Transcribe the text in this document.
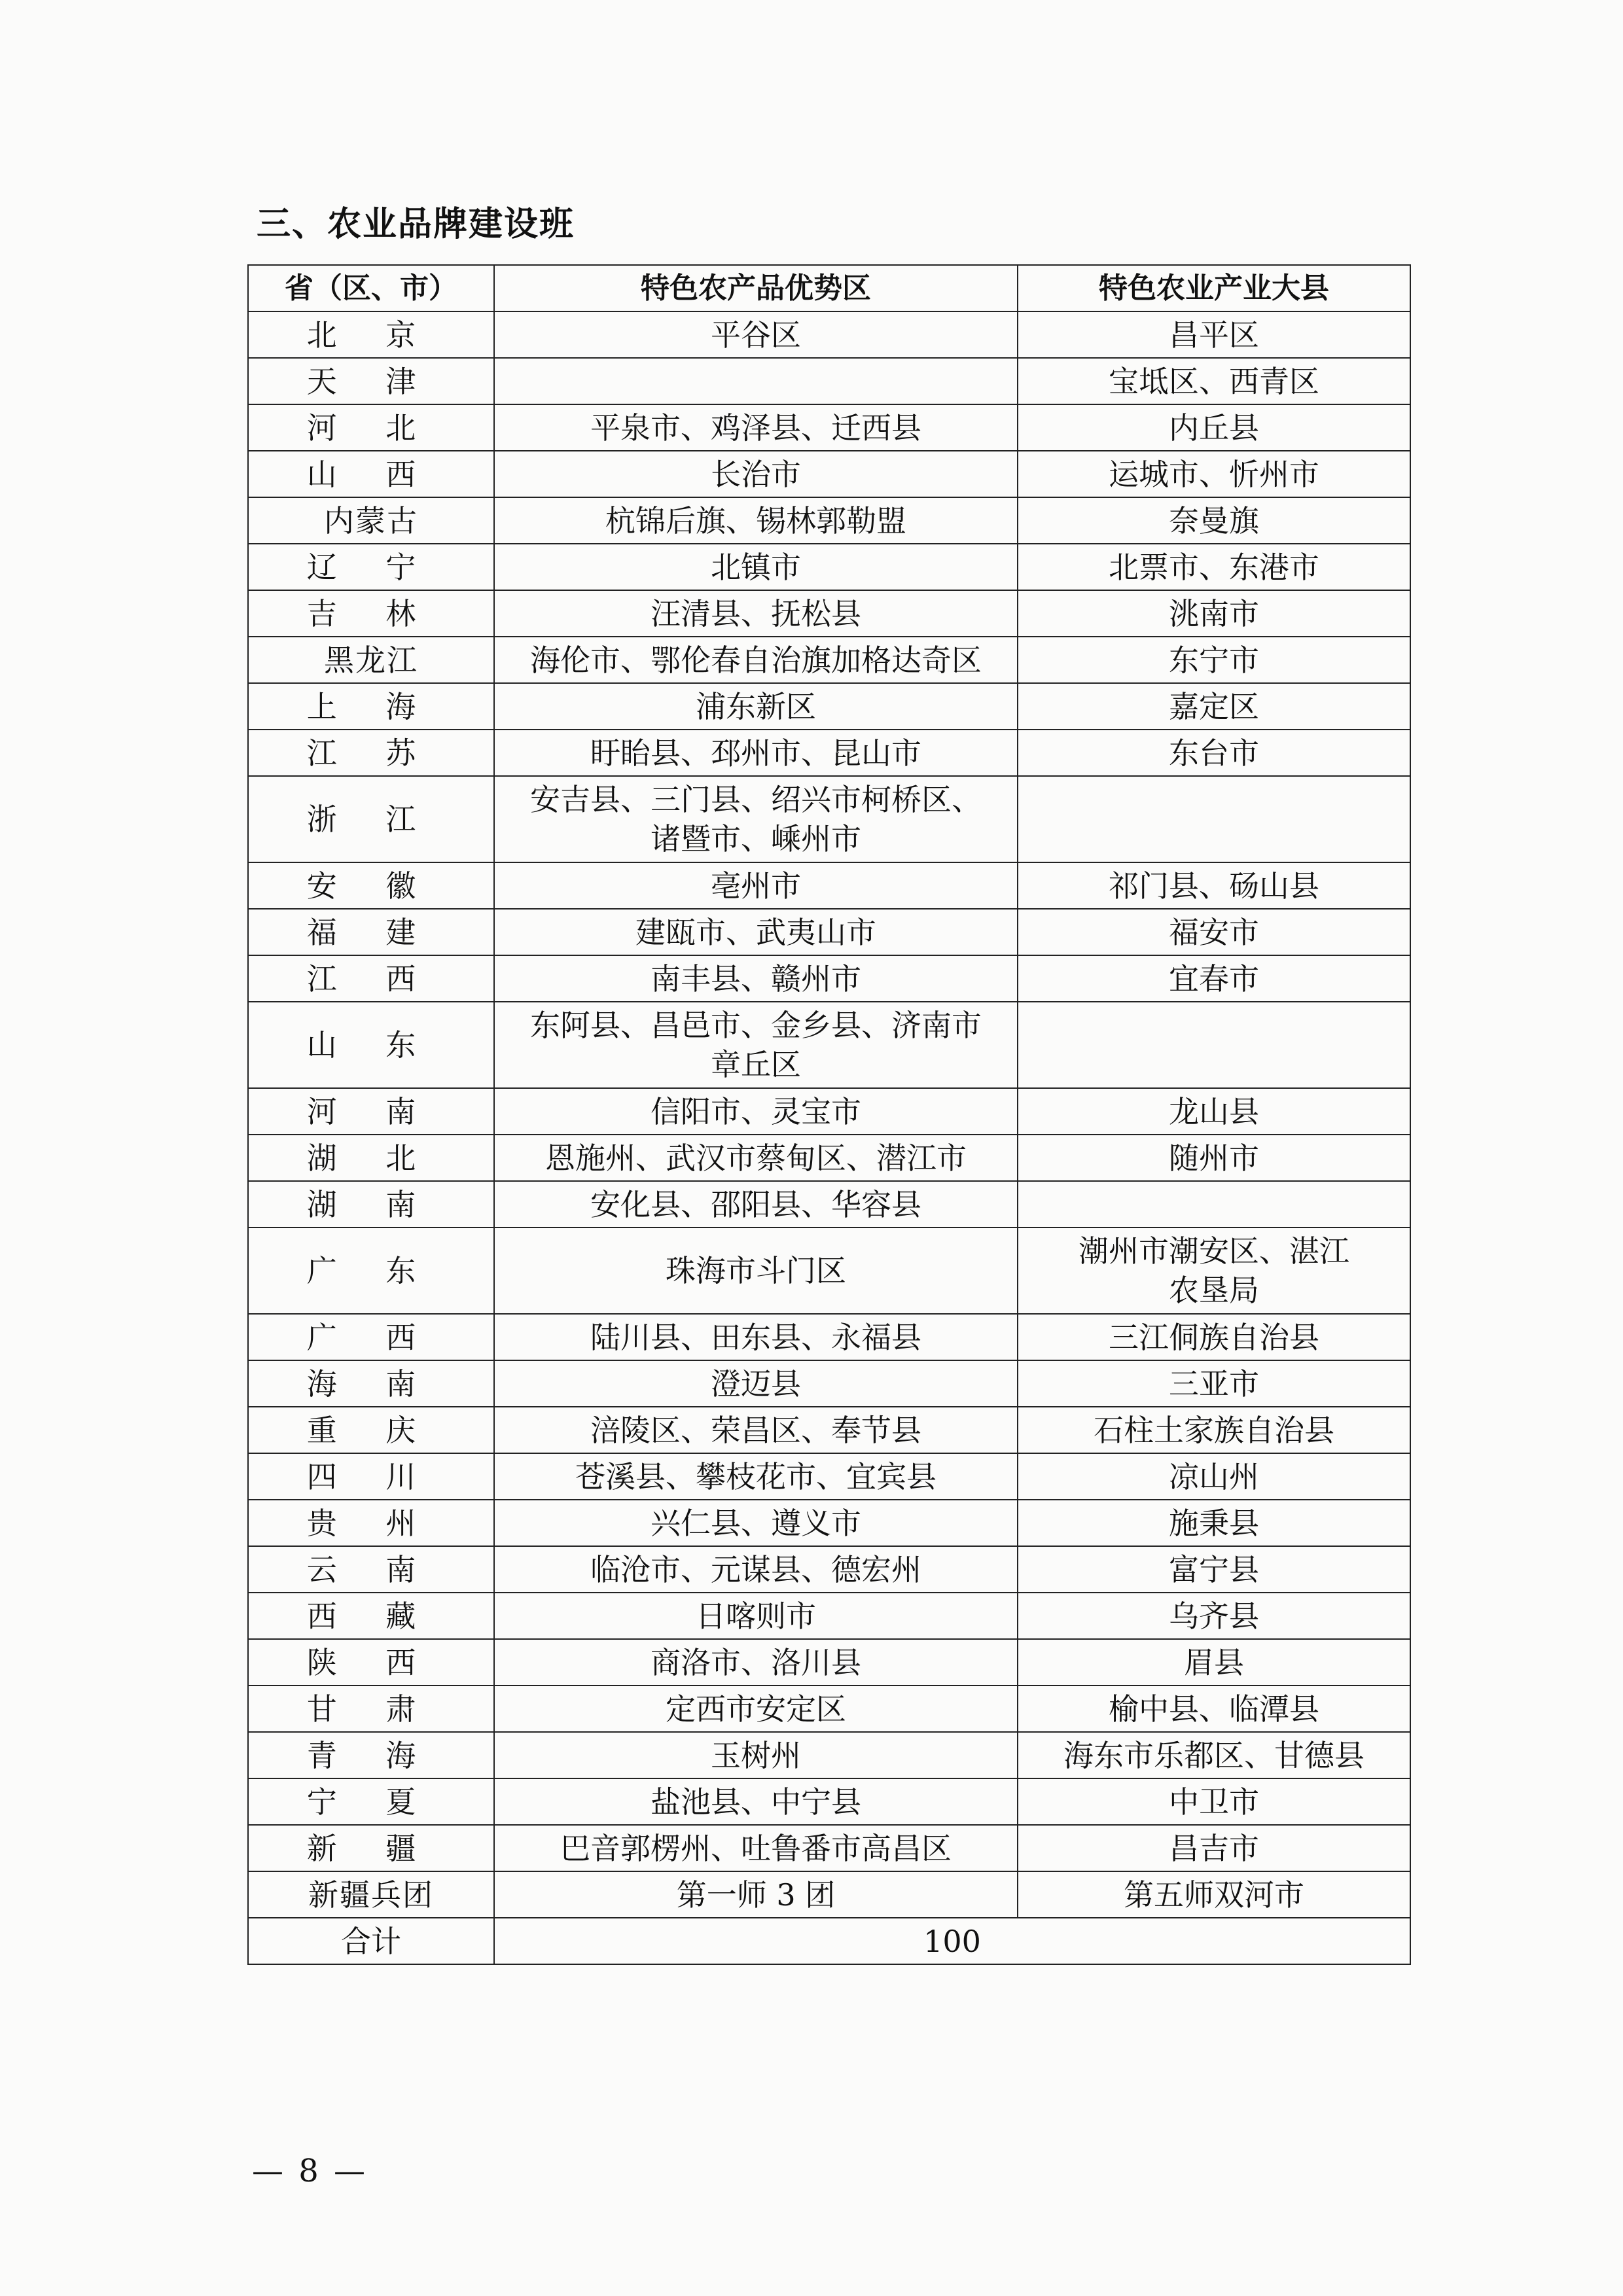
三、农业品牌建设班
省（区、市）	特色农产品优势区	特色农业产业大县
北 京	平谷区	昌平区
天 津		宝坻区、西青区
河 北	平泉市、鸡泽县、迁西县	内丘县
山 西	长治市	运城市、忻州市
内蒙古	杭锦后旗、锡林郭勒盟	奈曼旗
辽 宁	北镇市	北票市、东港市
吉 林	汪清县、抚松县	洮南市
黑龙江	海伦市、鄂伦春自治旗加格达奇区	东宁市
上 海	浦东新区	嘉定区
江 苏	盱眙县、邳州市、昆山市	东台市
浙 江	安吉县、三门县、绍兴市柯桥区、
诸暨市、嵊州市	
安 徽	亳州市	祁门县、砀山县
福 建	建瓯市、武夷山市	福安市
江 西	南丰县、赣州市	宜春市
山 东	东阿县、昌邑市、金乡县、济南市
章丘区	
河 南	信阳市、灵宝市	龙山县
湖 北	恩施州、武汉市蔡甸区、潜江市	随州市
湖 南	安化县、邵阳县、华容县	
广 东	珠海市斗门区	潮州市潮安区、湛江
农垦局
广 西	陆川县、田东县、永福县	三江侗族自治县
海 南	澄迈县	三亚市
重 庆	涪陵区、荣昌区、奉节县	石柱土家族自治县
四 川	苍溪县、攀枝花市、宜宾县	凉山州
贵 州	兴仁县、遵义市	施秉县
云 南	临沧市、元谋县、德宏州	富宁县
西 藏	日喀则市	乌齐县
陕 西	商洛市、洛川县	眉县
甘 肃	定西市安定区	榆中县、临潭县
青 海	玉树州	海东市乐都区、甘德县
宁 夏	盐池县、中宁县	中卫市
新 疆	巴音郭楞州、吐鲁番市高昌区	昌吉市
新疆兵团	第一师 3 团	第五师双河市
合计	100	
— 8 —
